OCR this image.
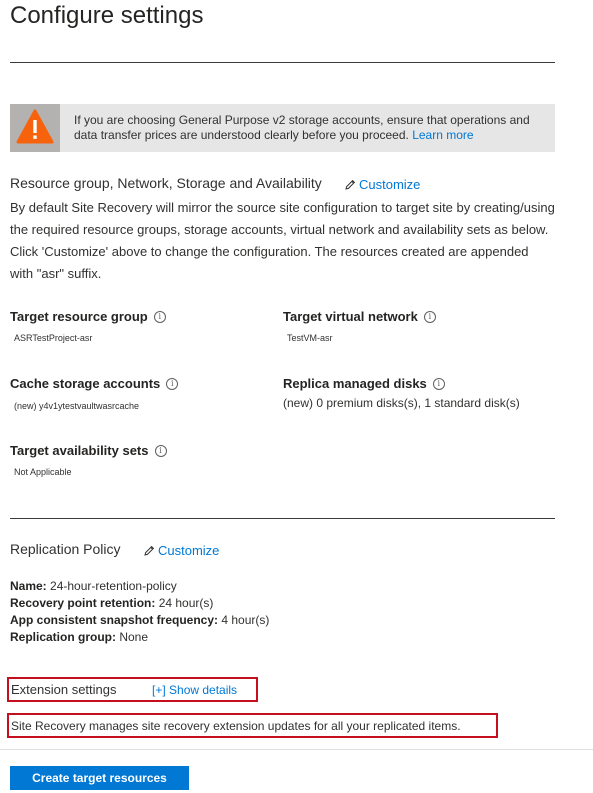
Configure settings
If you are choosing General Purpose v2 storage accounts, ensure that operations and data transfer prices are understood clearly before you proceed. Learn more
Resource group, Network, Storage and Availability	Customize
By default Site Recovery will mirror the source site configuration to target site by creating/using the required resource groups, storage accounts, virtual network and availability sets as below. Click 'Customize' above to change the configuration. The resources created are appended with "asr" suffix.
Target resource group	i
ASRTestProject-asr
Target virtual network	i
TestVM-asr
Cache storage accounts	i
(new) y4v1ytestvaultwasrcache
Replica managed disks	i
(new) 0 premium disks(s), 1 standard disk(s)
Target availability sets	i
Not Applicable
Replication Policy	Customize
Name: 24-hour-retention-policy
Recovery point retention: 24 hour(s)
App consistent snapshot frequency: 4 hour(s)
Replication group: None
Extension settings	[+] Show details
Site Recovery manages site recovery extension updates for all your replicated items.
Create target resources
